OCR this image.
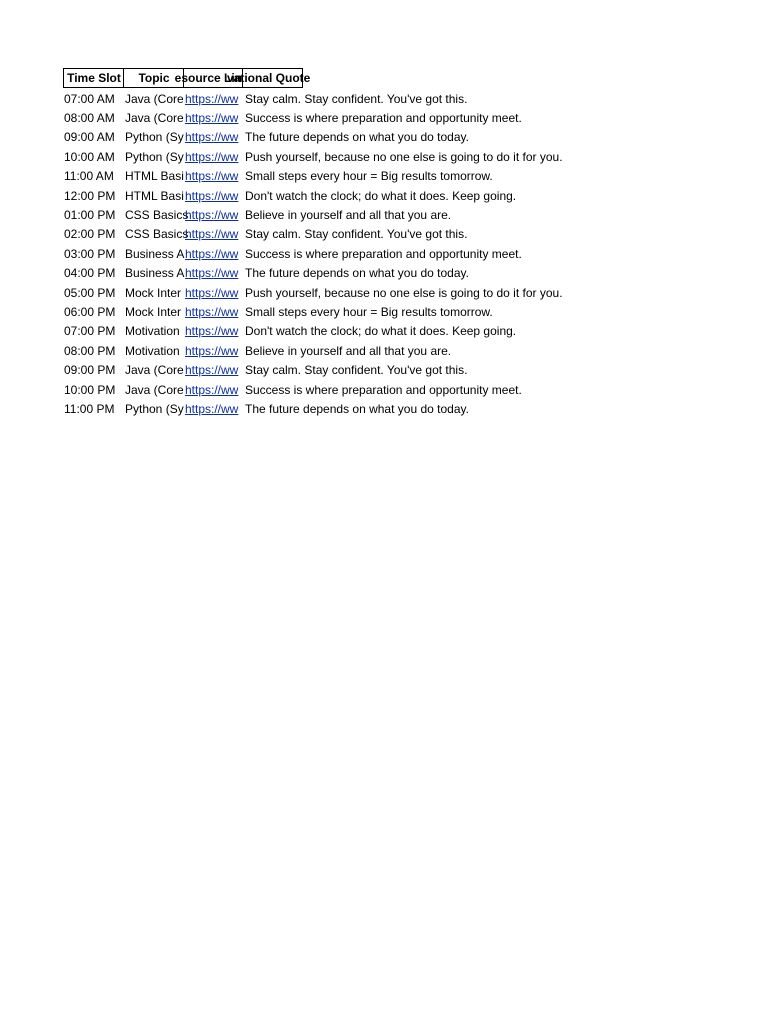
Time Slot Topic esource Lin
vational Quote
07:00 AM Java (Core https://ww Stay calm. Stay confident. You've got this.
08:00 AM Java (Core https://ww Success is where preparation and opportunity meet.
09:00 AM Python (Sy https://ww The future depends on what you do today.
10:00 AM Python (Sy https://ww Push yourself, because no one else is going to do it for you.
11:00 AM HTML Basi https://ww Small steps every hour = Big results tomorrow.
12:00 PM HTML Basi https://ww Don't watch the clock; do what it does. Keep going.
01:00 PM CSS Basics
https://ww Believe in yourself and all that you are.
02:00 PM CSS Basics
https://ww Stay calm. Stay confident. You've got this.
03:00 PM Business A https://ww Success is where preparation and opportunity meet.
04:00 PM Business A https://ww The future depends on what you do today.
05:00 PM Mock Inter https://ww Push yourself, because no one else is going to do it for you.
06:00 PM Mock Inter https://ww Small steps every hour = Big results tomorrow.
07:00 PM Motivation https://ww Don't watch the clock; do what it does. Keep going.
08:00 PM Motivation https://ww Believe in yourself and all that you are.
09:00 PM Java (Core https://ww Stay calm. Stay confident. You've got this.
10:00 PM Java (Core https://ww Success is where preparation and opportunity meet.
11:00 PM Python (Sy https://ww The future depends on what you do today.
